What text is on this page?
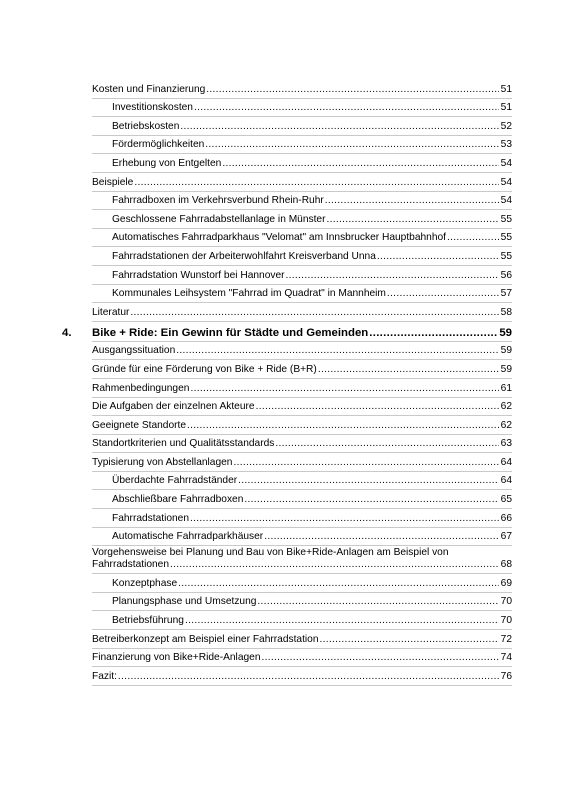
Kosten und Finanzierung .....	51
Investitionskosten .....	51
Betriebskosten .....	52
Fördermöglichkeiten .....	53
Erhebung von Entgelten .....	54
Beispiele .....	54
Fahrradboxen im Verkehrsverbund Rhein-Ruhr .....	54
Geschlossene Fahrradabstellanlage in Münster .....	55
Automatisches Fahrradparkhaus "Velomat" am Innsbrucker Hauptbahnhof .....	55
Fahrradstationen der Arbeiterwohlfahrt Kreisverband Unna .....	55
Fahrradstation Wunstorf bei Hannover .....	56
Kommunales Leihsystem "Fahrrad im Quadrat" in Mannheim .....	57
Literatur .....	58
4. Bike + Ride: Ein Gewinn für Städte und Gemeinden .....	59
Ausgangssituation .....	59
Gründe für eine Förderung von Bike + Ride (B+R) .....	59
Rahmenbedingungen .....	61
Die Aufgaben der einzelnen Akteure .....	62
Geeignete Standorte .....	62
Standortkriterien und Qualitätsstandards .....	63
Typisierung von Abstellanlagen .....	64
Überdachte Fahrradständer .....	64
Abschließbare Fahrradboxen .....	65
Fahrradstationen .....	66
Automatische Fahrradparkhäuser .....	67
Vorgehensweise bei Planung und Bau von Bike+Ride-Anlagen am Beispiel von
Fahrradstationen .....	68
Konzeptphase .....	69
Planungsphase und Umsetzung .....	70
Betriebsführung .....	70
Betreiberkonzept am Beispiel einer Fahrradstation .....	72
Finanzierung von Bike+Ride-Anlagen .....	74
Fazit: .....	76
